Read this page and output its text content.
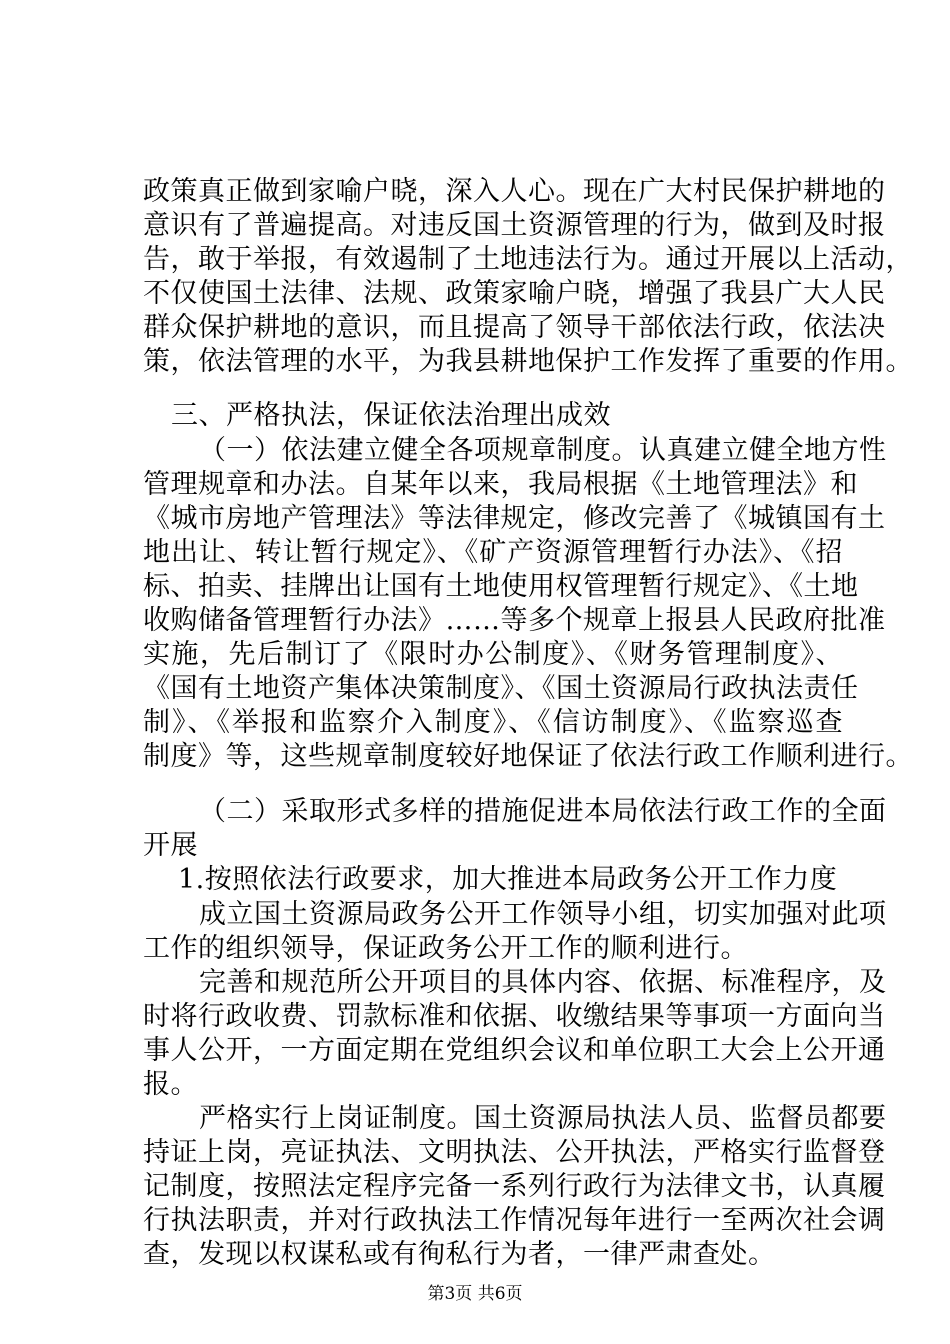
政策真正做到家喻户晓，深入人心。现在广大村民保护耕地的
意识有了普遍提高。对违反国土资源管理的行为，做到及时报
告，敢于举报，有效遏制了土地违法行为。通过开展以上活动，
不仅使国土法律、法规、政策家喻户晓，增强了我县广大人民
群众保护耕地的意识，而且提高了领导干部依法行政，依法决
策，依法管理的水平，为我县耕地保护工作发挥了重要的作用。
三、严格执法，保证依法治理出成效
（一）依法建立健全各项规章制度。认真建立健全地方性
管理规章和办法。自某年以来，我局根据《土地管理法》和
《城市房地产管理法》等法律规定，修改完善了《城镇国有土
地出让、转让暂行规定》、《矿产资源管理暂行办法》、《招
标、拍卖、挂牌出让国有土地使用权管理暂行规定》、《土地
收购储备管理暂行办法》……等多个规章上报县人民政府批准
实施，先后制订了《限时办公制度》、《财务管理制度》、
《国有土地资产集体决策制度》、《国土资源局行政执法责任
制》、《举报和监察介入制度》、《信访制度》、《监察巡查
制度》等，这些规章制度较好地保证了依法行政工作顺利进行。
（二）采取形式多样的措施促进本局依法行政工作的全面
开展
1.按照依法行政要求，加大推进本局政务公开工作力度
成立国土资源局政务公开工作领导小组，切实加强对此项
工作的组织领导，保证政务公开工作的顺利进行。
完善和规范所公开项目的具体内容、依据、标准程序，及
时将行政收费、罚款标准和依据、收缴结果等事项一方面向当
事人公开，一方面定期在党组织会议和单位职工大会上公开通
报。
严格实行上岗证制度。国土资源局执法人员、监督员都要
持证上岗，亮证执法、文明执法、公开执法，严格实行监督登
记制度，按照法定程序完备一系列行政行为法律文书，认真履
行执法职责，并对行政执法工作情况每年进行一至两次社会调
查，发现以权谋私或有徇私行为者，一律严肃查处。
第3页 共6页
